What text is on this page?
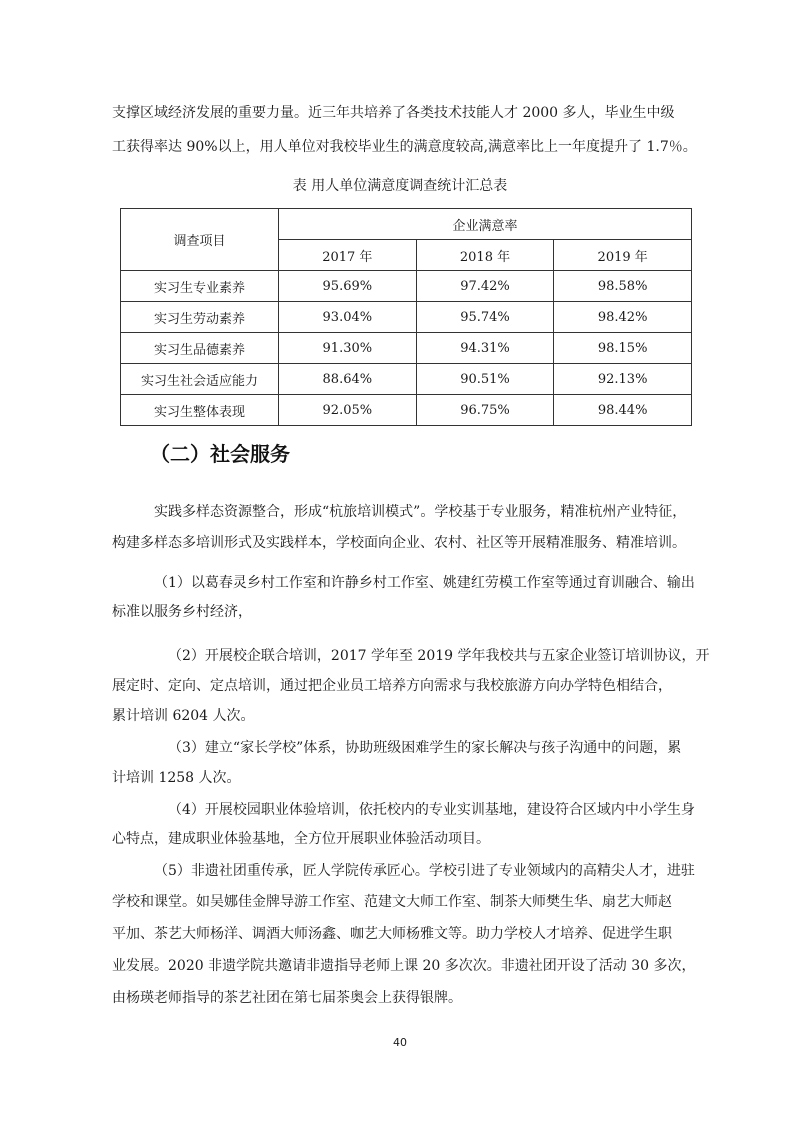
支撑区域经济发展的重要力量。近三年共培养了各类技术技能人才 2000 多人，毕业生中级
工获得率达 90%以上，用人单位对我校毕业生的满意度较高,满意率比上一年度提升了 1.7％。
表 用人单位满意度调查统计汇总表
调查项目	企业满意率		
	2017 年	2018 年	2019 年
实习生专业素养	95.69%	97.42%	98.58%
实习生劳动素养	93.04%	95.74%	98.42%
实习生品德素养	91.30%	94.31%	98.15%
实习生社会适应能力	88.64%	90.51%	92.13%
实习生整体表现	92.05%	96.75%	98.44%
（二）社会服务
实践多样态资源整合，形成“杭旅培训模式”。学校基于专业服务，精准杭州产业特征，
构建多样态多培训形式及实践样本，学校面向企业、农村、社区等开展精准服务、精准培训。
（1）以葛春灵乡村工作室和许静乡村工作室、姚建红劳模工作室等通过育训融合、输出
标准以服务乡村经济，
（2）开展校企联合培训，2017 学年至 2019 学年我校共与五家企业签订培训协议，开
展定时、定向、定点培训，通过把企业员工培养方向需求与我校旅游方向办学特色相结合，
累计培训 6204 人次。
（3）建立“家长学校”体系，协助班级困难学生的家长解决与孩子沟通中的问题，累
计培训 1258 人次。
（4）开展校园职业体验培训，依托校内的专业实训基地，建设符合区域内中小学生身
心特点，建成职业体验基地，全方位开展职业体验活动项目。
（5）非遗社团重传承，匠人学院传承匠心。学校引进了专业领域内的高精尖人才，进驻
学校和课堂。如吴娜佳金牌导游工作室、范建文大师工作室、制茶大师樊生华、扇艺大师赵
平加、茶艺大师杨洋、调酒大师汤鑫、咖艺大师杨雅文等。助力学校人才培养、促进学生职
业发展。2020 非遗学院共邀请非遗指导老师上课 20 多次次。非遗社团开设了活动 30 多次，
由杨瑛老师指导的茶艺社团在第七届茶奥会上获得银牌。
40
